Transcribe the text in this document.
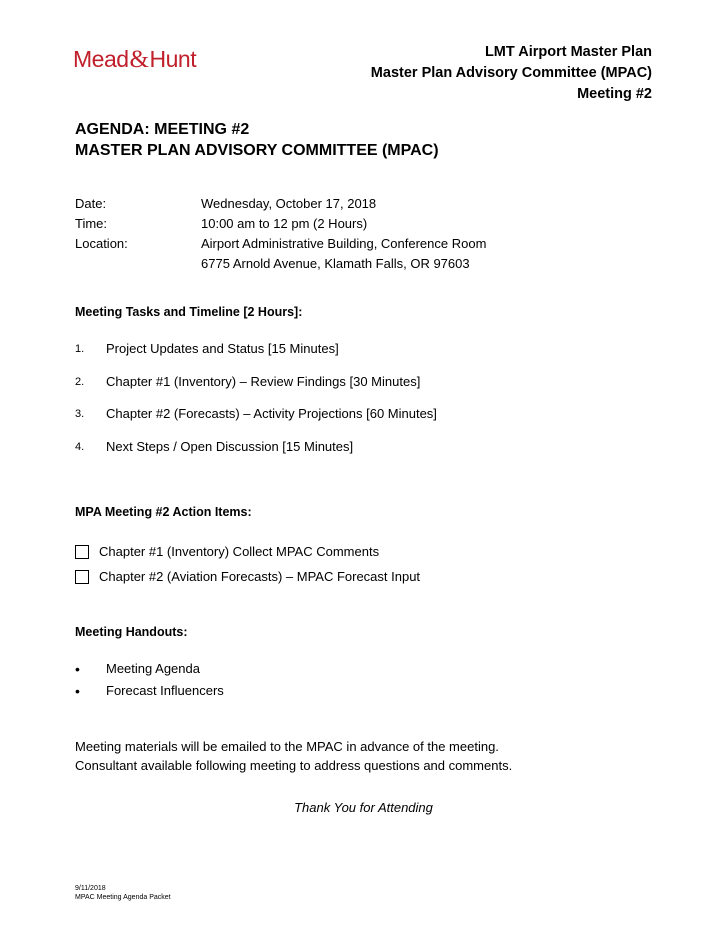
Mead&Hunt	LMT Airport Master Plan
Master Plan Advisory Committee (MPAC)
Meeting #2
AGENDA: MEETING #2
MASTER PLAN ADVISORY COMMITTEE (MPAC)
Date:	Wednesday, October 17, 2018
Time:	10:00 am to 12 pm (2 Hours)
Location:	Airport Administrative Building, Conference Room
6775 Arnold Avenue, Klamath Falls, OR 97603
Meeting Tasks and Timeline [2 Hours]:
1.	Project Updates and Status [15 Minutes]
2.	Chapter #1 (Inventory) – Review Findings [30 Minutes]
3.	Chapter #2 (Forecasts) – Activity Projections [60 Minutes]
4.	Next Steps / Open Discussion [15 Minutes]
MPA Meeting #2 Action Items:
Chapter #1 (Inventory) Collect MPAC Comments
Chapter #2 (Aviation Forecasts) – MPAC Forecast Input
Meeting Handouts:
•	Meeting Agenda
•	Forecast Influencers
Meeting materials will be emailed to the MPAC in advance of the meeting.
Consultant available following meeting to address questions and comments.
Thank You for Attending
9/11/2018
MPAC Meeting Agenda Packet
